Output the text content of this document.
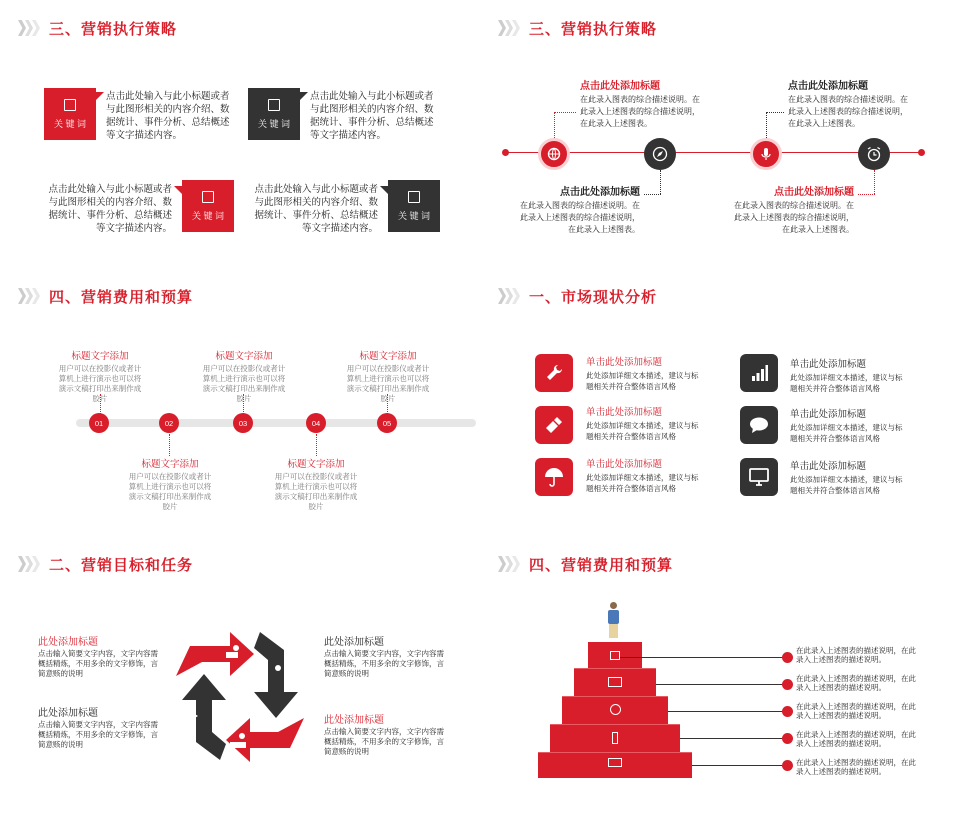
三、营销执行策略
关 键 词
点击此处输入与此小标题或者与此图形相关的内容介绍、数据统计、事件分析、总结概述等文字描述内容。
关 键 词
点击此处输入与此小标题或者与此图形相关的内容介绍、数据统计、事件分析、总结概述等文字描述内容。
点击此处输入与此小标题或者与此图形相关的内容介绍、数据统计、事件分析、总结概述等文字描述内容。
关 键 词
点击此处输入与此小标题或者与此图形相关的内容介绍、数据统计、事件分析、总结概述等文字描述内容。
关 键 词
三、营销执行策略
点击此处添加标题
在此录入图表的综合描述说明。在此录入上述图表的综合描述说明，在此录入上述图表。
点击此处添加标题
在此录入图表的综合描述说明。在此录入上述图表的综合描述说明，在此录入上述图表。
点击此处添加标题
在此录入图表的综合描述说明。在此录入上述图表的综合描述说明，在此录入上述图表。
点击此处添加标题
在此录入图表的综合描述说明。在此录入上述图表的综合描述说明，在此录入上述图表。
四、营销费用和预算
标题文字添加
用户可以在投影仪或者计算机上进行演示也可以将演示文稿打印出来制作成胶片
01	02
标题文字添加
用户可以在投影仪或者计算机上进行演示也可以将演示文稿打印出来制作成胶片
标题文字添加
用户可以在投影仪或者计算机上进行演示也可以将演示文稿打印出来制作成胶片
03	04
标题文字添加
用户可以在投影仪或者计算机上进行演示也可以将演示文稿打印出来制作成胶片
标题文字添加
用户可以在投影仪或者计算机上进行演示也可以将演示文稿打印出来制作成胶片
05
一、市场现状分析
单击此处添加标题
此处添加详细文本描述，建议与标题相关并符合整体语言风格
单击此处添加标题
此处添加详细文本描述，建议与标题相关并符合整体语言风格
单击此处添加标题
此处添加详细文本描述，建议与标题相关并符合整体语言风格
单击此处添加标题
此处添加详细文本描述，建议与标题相关并符合整体语言风格
单击此处添加标题
此处添加详细文本描述，建议与标题相关并符合整体语言风格
单击此处添加标题
此处添加详细文本描述，建议与标题相关并符合整体语言风格
二、营销目标和任务
此处添加标题
点击输入简要文字内容，文字内容需概括精炼，不用多余的文字修饰，言简意赅的说明
此处添加标题
点击输入简要文字内容，文字内容需概括精炼，不用多余的文字修饰，言简意赅的说明
此处添加标题
点击输入简要文字内容，文字内容需概括精炼，不用多余的文字修饰，言简意赅的说明
此处添加标题
点击输入简要文字内容，文字内容需概括精炼，不用多余的文字修饰，言简意赅的说明
四、营销费用和预算
在此录入上述图表的描述说明，在此录入上述图表的描述说明。
在此录入上述图表的描述说明，在此录入上述图表的描述说明。
在此录入上述图表的描述说明，在此录入上述图表的描述说明。
在此录入上述图表的描述说明，在此录入上述图表的描述说明。
在此录入上述图表的描述说明，在此录入上述图表的描述说明。
